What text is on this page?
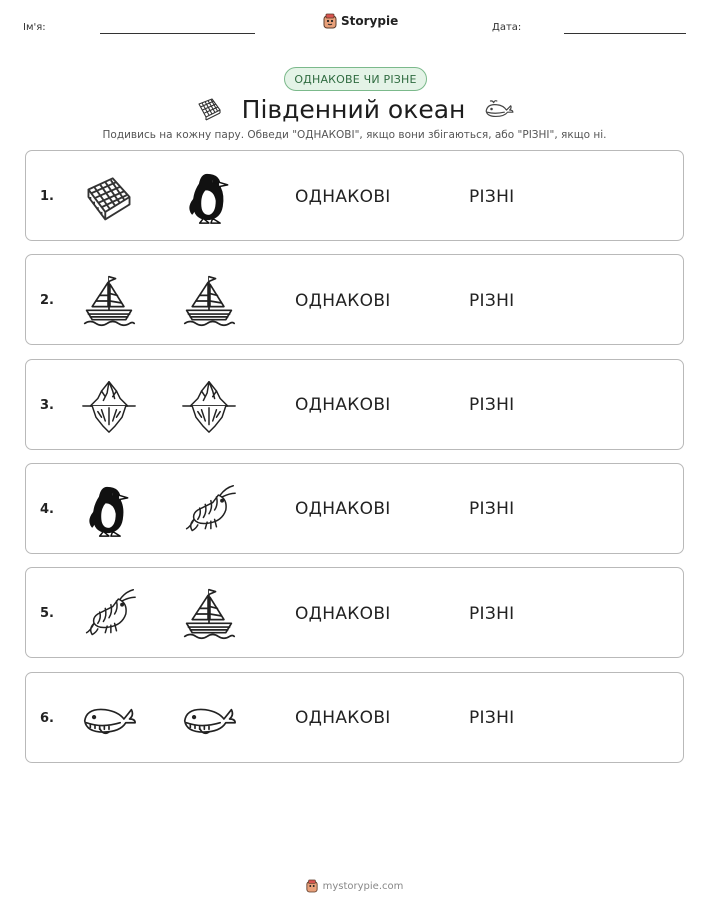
Ім'я:	Storypie	Дата:
ОДНАКОВЕ ЧИ РІЗНЕ
Південний океан
Подивись на кожну пару. Обведи "ОДНАКОВІ", якщо вони збігаються, або "РІЗНІ", якщо ні.
1.	ОДНАКОВІ	РІЗНІ
2.	ОДНАКОВІ	РІЗНІ
3.	ОДНАКОВІ	РІЗНІ
4.	ОДНАКОВІ	РІЗНІ
5.	ОДНАКОВІ	РІЗНІ
6.	ОДНАКОВІ	РІЗНІ
mystorypie.com
